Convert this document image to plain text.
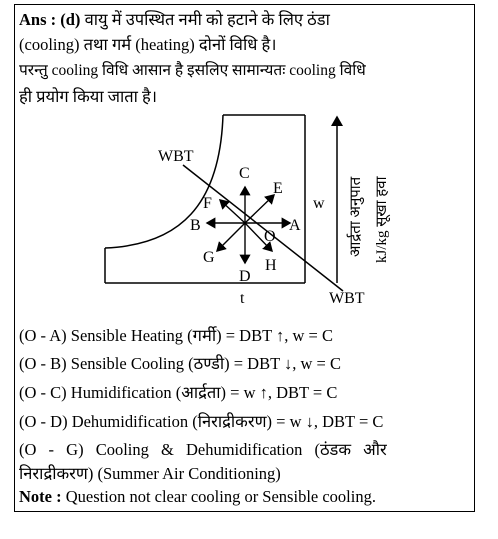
Ans : (d) वायु में उपस्थित नमी को हटाने के लिए ठंडा
(cooling) तथा गर्म (heating) दोनों विधि है।
परन्तु cooling विधि आसान है इसलिए सामान्यतः cooling विधि
ही प्रयोग किया जाता है।
WBT
WBT
t
w
A
B
C
D
E
F
G	H
O	आर्द्रता अनुपात kJ/kg सूखा हवा
(O - A) Sensible Heating (गर्मी) = DBT ↑, w = C
(O - B) Sensible Cooling (ठण्डी) = DBT ↓, w = C
(O - C) Humidification (आर्द्रता) = w ↑, DBT = C
(O - D) Dehumidification (निराद्रीकरण) = w ↓, DBT = C
(O - G) Cooling & Dehumidification (ठंडक और
निराद्रीकरण) (Summer Air Conditioning)
Note : Question not clear cooling or Sensible cooling.
